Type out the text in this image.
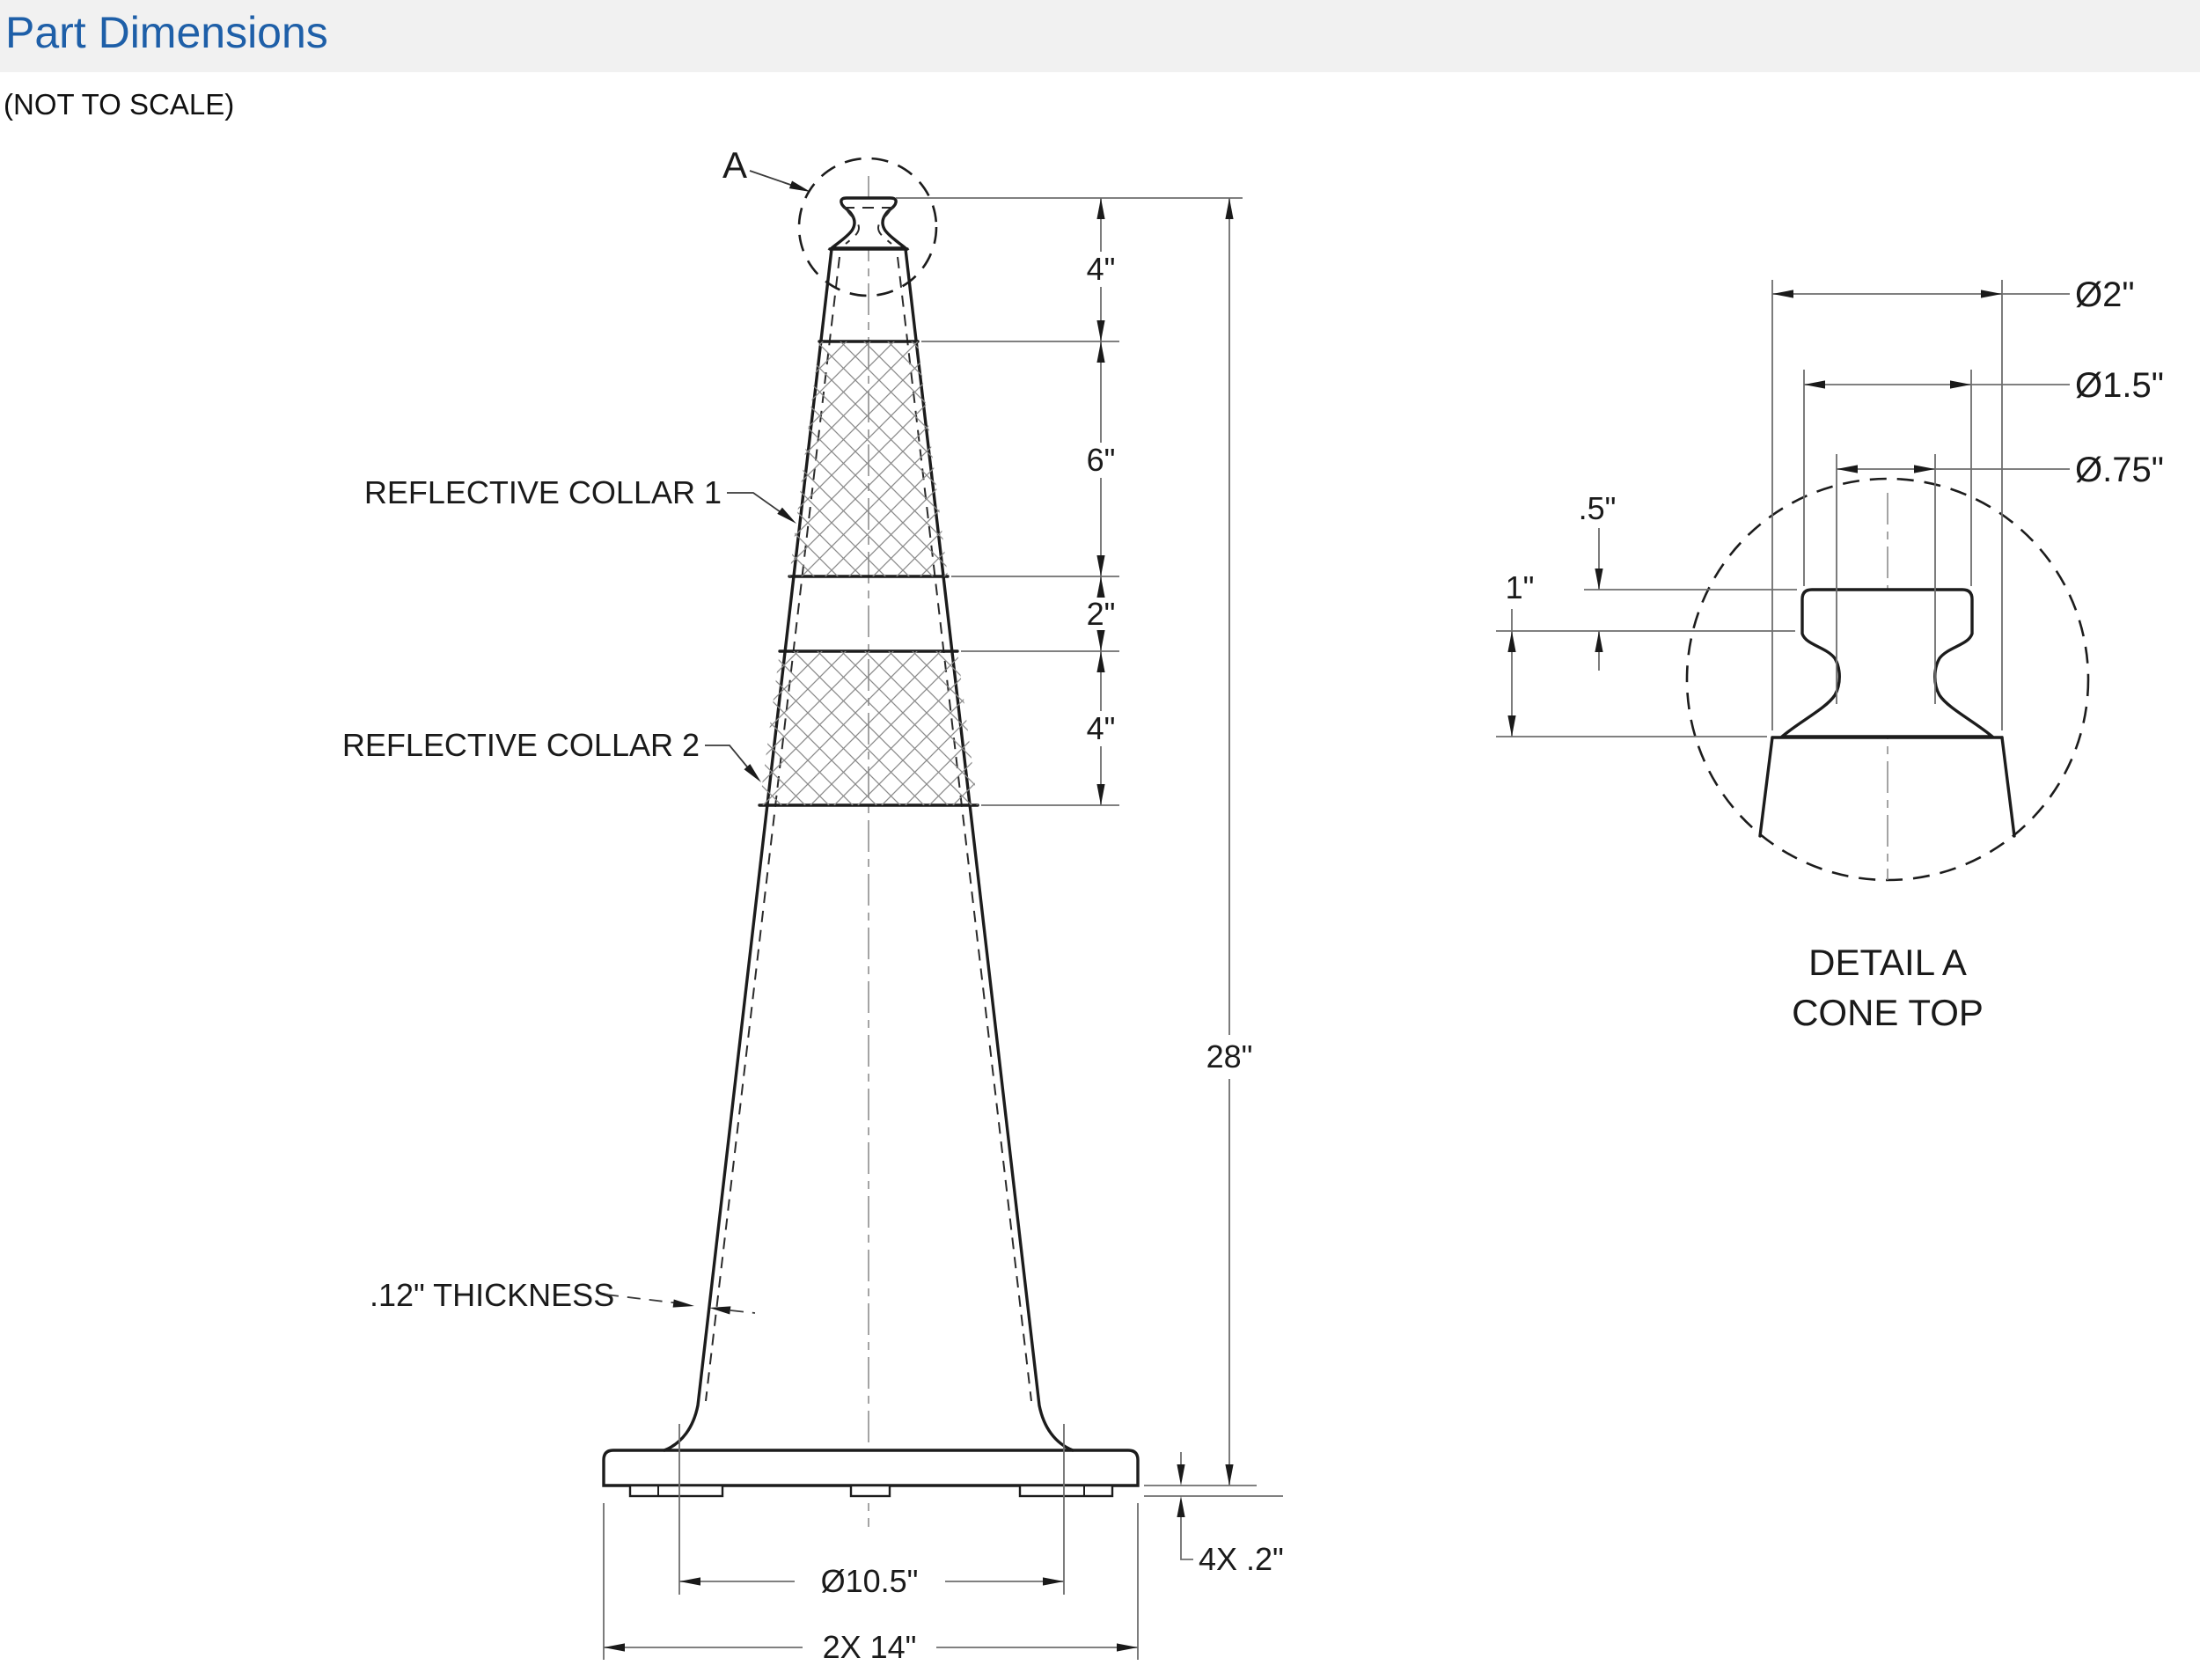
Part Dimensions
(NOT TO SCALE)
A
4"
6"
2"
4"
28"
REFLECTIVE COLLAR 1
REFLECTIVE COLLAR 2
.12" THICKNESS
4X .2"
Ø10.5"
2X 14"
Ø2"
Ø1.5"
Ø.75"
.5"
1"
DETAIL A
CONE TOP
